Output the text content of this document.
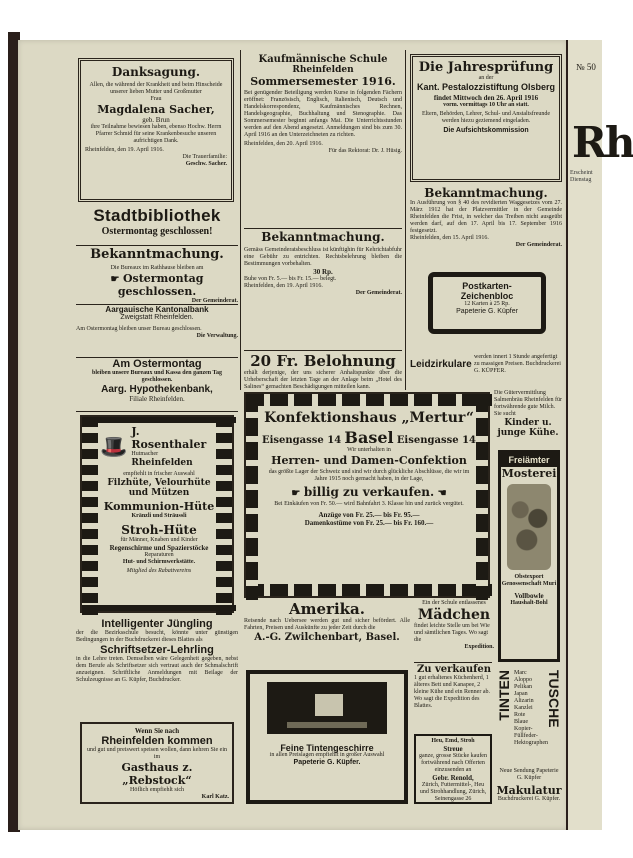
Danksagung.
Allen, die während der Krankheit und beim Hinscheide unserer lieben Mutter und Großmutter
Frau
Magdalena Sacher,
geb. Brun
ihre Teilnahme bewiesen haben, ebenso Hochw. Herrn Pfarrer Schmid für seine Krankenbesuche unseren aufrichtigen Dank.
Rheinfelden, den 19. April 1916.
Die Trauerfamilie:
Geschw. Sacher.
Stadtbibliothek
Ostermontag geschlossen!
Bekanntmachung.
Die Bureaux im Rathhause bleiben am
☛ Ostermontag geschlossen.
Der Gemeinderat.
Aargauische Kantonalbank
Zweigstatt Rheinfelden.
Am Ostermontag bleiben unser Bureau geschlossen.
Die Verwaltung.
Am Ostermontag
bleiben unsere Bureaux und Kassa den ganzen Tag geschlossen.
Aarg. Hypothekenbank,
Filiale Rheinfelden.
🎩
J. Rosenthaler
Hutmacher
Rheinfelden
empfiehlt in frischer Auswahl
Filzhüte, Velourhüte und Mützen
Kommunion-Hüte
Kränzli und Sträussli
Stroh-Hüte
für Männer, Knaben und Kinder
Regenschirme und Spazierstöcke
Reparaturen
Hut- und Schirmwerkstätte.
Mitglied des Rabattvereins
Intelligenter Jüngling
der die Bezirksschule besucht, könnte unter günstigen Bedingungen in der Buchdruckerei dieses Blattes als
Schriftsetzer-Lehrling
in die Lehre treten. Demselben wäre Gelegenheit gegeben, nebst dem Berufe als Schriftsetzer sich vertraut auch der Schmalschrift anzueignen. Schriftliche Anmeldungen mit Beilage der Schulzeugnisse an G. Küpfer, Buchdrucker.
Wenn Sie nach
Rheinfelden kommen
und gut und preiswert speisen wollen, dann kehren Sie ein im
Gasthaus z. „Rebstock“
Höflich empfiehlt sich
Karl Katz.
Kaufmännische Schule
Rheinfelden
Sommersemester 1916.
Bei genügender Beteiligung werden Kurse in folgenden Fächern eröffnet: Französisch, Englisch, Italienisch, Deutsch und Handelskorrespondenz, Kaufmännisches Rechnen, Handelsgeographie, Buchhaltung und Stenographie. Das Sommersemester beginnt anfangs Mai. Die Unterrichtsstunden werden auf den Abend angesetzt. Anmeldungen sind bis zum 30. April 1916 an den Unterzeichneten zu richten.
Rheinfelden, den 20. April 1916.
Für das Rektorat: Dr. J. Hüsig.
Bekanntmachung.
Gemäss Gemeinderatsbeschluss ist künftighin für Kehrichtabfuhr eine Gebühr zu entrichten. Rechtsbelehrung bleiben die Bestimmungen vorbehalten.
30 Rp.
Buhe von Fr. 5.— bis Fr. 15.— belegt.
Rheinfelden, den 19. April 1916.
Der Gemeinderat.
20 Fr. Belohnung
erhält derjenige, der uns sicherer Anhaltspunkte über die Urheberschaft der letzten Tage an der Anlage beim „Hotel des Salines“ gemachten Beschädigungen mitteilen kann.
Die Jahresprüfung
an der
Kant. Pestalozzistiftung Olsberg
findet Mittwoch den 26. April 1916
vorm. vormittags 10 Uhr an statt.
Eltern, Behörden, Lehrer, Schul- und Anstaltsfreunde werden hiezu geziemend eingeladen.
Die Aufsichtskommission
Bekanntmachung.
In Ausführung von § 40 des revidierten Waggesetzes vom 27. März 1912 hat der Platzvermittler in der Gemeinde Rheinfelden die Frist, in welcher das Treiben nicht ausgeübt werden darf, auf den 17. April bis 17. September 1916 festgesetzt.
Rheinfelden, den 15. April 1916.
Der Gemeinderat.
Postkarten-
Zeichenbloc
12 Karten à 25 Rp.
Papeterie G. Küpfer
Leidzirkulare
werden innert 1 Stunde angefertigt zu massigen Preisen. Buchdruckerei G. KÜPFER.
Konfektionshaus „Mertur“
Eisengasse 14 Basel Eisengasse 14
Wir unterhalten in
Herren- und Damen-Confektion
das größte Lager der Schweiz und sind wir durch glückliche Abschlüsse, die wir im Jahre 1915 noch gemacht haben, in der Lage,
☛ billig zu verkaufen. ☚
Bei Einkäufen von Fr. 50.— wird Bahnfahrt 3. Klasse hin und zurück vergütet.
Anzüge von Fr. 25.— bis Fr. 95.—
Damenkostüme von Fr. 25.— bis Fr. 160.—
Die Gütervermittlung Salmenbräu Rheinfelden für fortwährende gute Milch. Sie sucht
Kinder u. junge Kühe.
Freiämter
Mosterei
Obstexport Genossenschaft Muri
Vollbowle
Haushalt-Bohl
TINTEN TUSCHE
Marc
Aloppo
Pelikan
Japan
Alizarin
Kanzlei
Rote
Blaue
Kopier-
Füllfeder-
Hektographen
Neue Sendung Papeterie G. Küpfer
Makulatur
Buchdruckerei G. Küpfer.
Amerika.
Reisende nach Uebersee werden gut und sicher befördert. Alle Fahrten, Preisen und Auskünfte zu jeder Zeit durch die
A.-G. Zwilchenbart, Basel.
Feine Tintengeschirre
in allen Preislagen empfiehlt in großer Auswahl
Papeterie G. Küpfer.
Ein der Schule entlassenes
Mädchen
findet leichte Stelle um bei Wie und sämtlichen Tages. Wo sagt die
Expedition.
Zu verkaufen
1 gut erhaltenes Küchenherd, 1 älteres Bett und Kanapee, 2 kleine Kühe und ein Renner ab. Wo sagt die Expedition des Blattes.
Heu, Emd, Stroh
Streue
ganze, grosse Stücke kaufen fortwährend nach Offerten einzusenden an
Gebr. Renold,
Zürich, Futtermittel-, Heu und Strohhandlung, Zürich, Seinengasse 26
№ 50
Rh
Erscheint Dienstag
